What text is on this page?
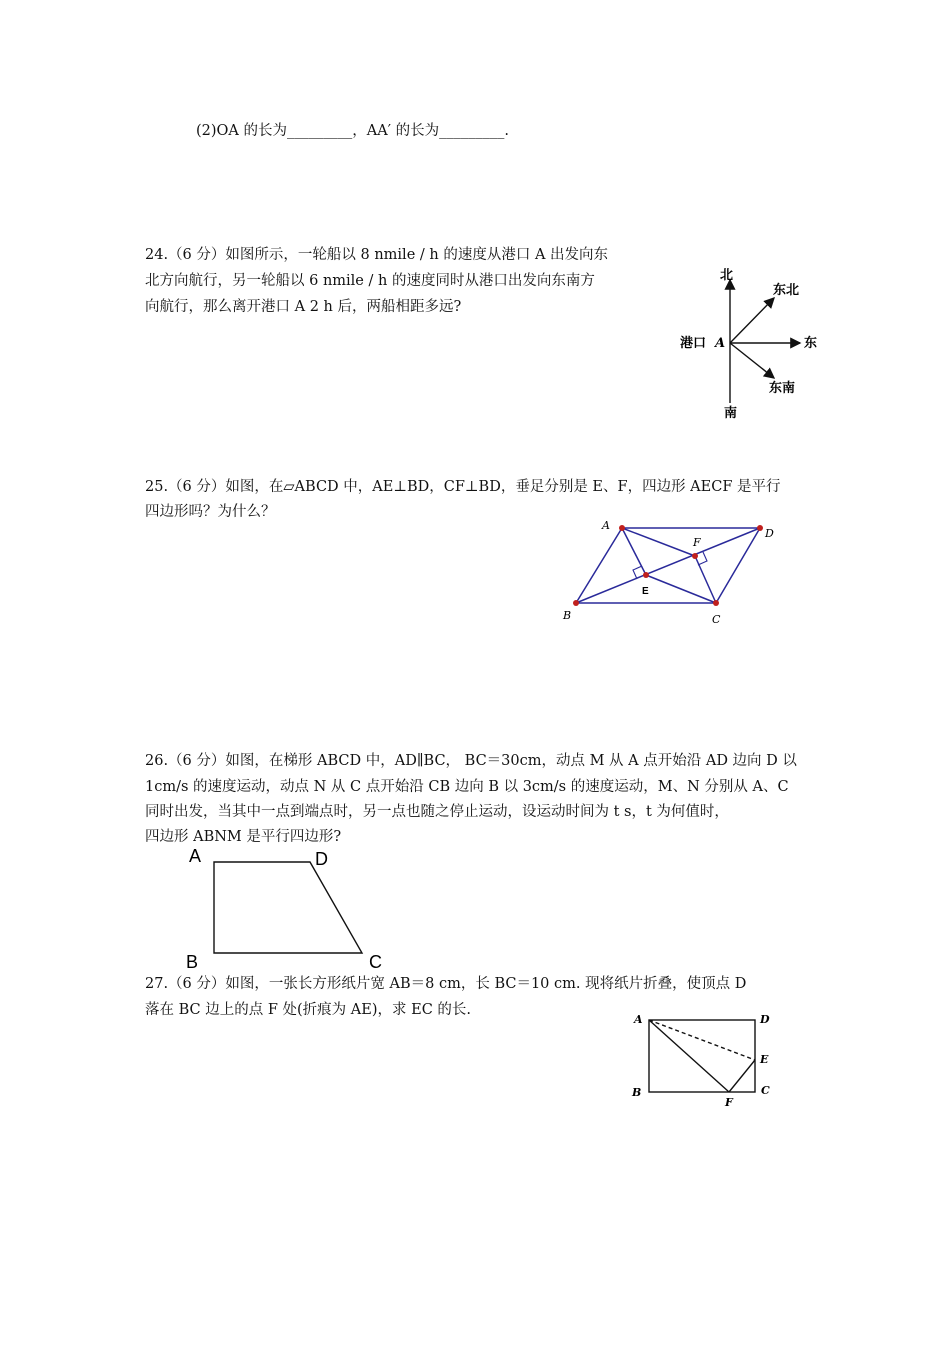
(2)OA 的长为_________，AA′ 的长为_________.
24.（6 分）如图所示，一轮船以 8 nmile / h 的速度从港口 A 出发向东
北方向航行，另一轮船以 6 nmile / h 的速度同时从港口出发向东南方
向航行，那么离开港口 A 2 h 后，两船相距多远?
北
东北
东
东南
南
港口 A
25.（6 分）如图，在▱ABCD 中，AE⊥BD，CF⊥BD，垂足分别是 E、F，四边形 AECF 是平行
四边形吗？为什么？
A
D
B	C
E
F
26.（6 分）如图，在梯形 ABCD 中，AD∥BC， BC＝30cm，动点 M 从 A 点开始沿 AD 边向 D 以
1cm/s 的速度运动，动点 N 从 C 点开始沿 CB 边向 B 以 3cm/s 的速度运动，M、N 分别从 A、C
同时出发，当其中一点到端点时，另一点也随之停止运动，设运动时间为 t s，t 为何值时，
四边形 ABNM 是平行四边形?
A	D
B	C
27.（6 分）如图，一张长方形纸片宽 AB＝8 cm，长 BC＝10 cm. 现将纸片折叠，使顶点 D
落在 BC 边上的点 F 处(折痕为 AE)，求 EC 的长.
A	D
E
B	C
F
